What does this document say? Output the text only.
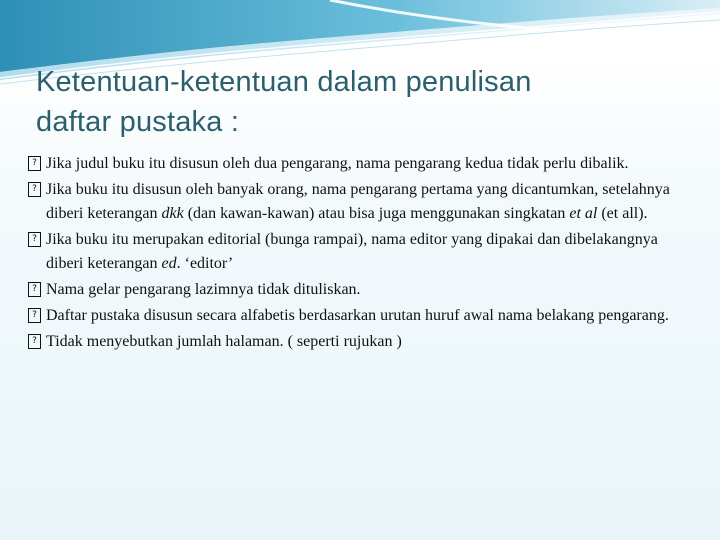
Ketentuan-ketentuan dalam penulisan
daftar pustaka :
? Jika judul buku itu disusun oleh dua pengarang, nama pengarang kedua tidak perlu dibalik.
? Jika buku itu disusun oleh banyak orang, nama pengarang pertama yang dicantumkan, setelahnya diberi keterangan dkk (dan kawan-kawan) atau bisa juga menggunakan singkatan et al (et all).
? Jika buku itu merupakan editorial (bunga rampai), nama editor yang dipakai dan dibelakangnya diberi keterangan ed. ‘editor’
? Nama gelar pengarang lazimnya tidak dituliskan.
? Daftar pustaka disusun secara alfabetis berdasarkan urutan huruf awal nama belakang pengarang.
? Tidak menyebutkan jumlah halaman. ( seperti rujukan )
